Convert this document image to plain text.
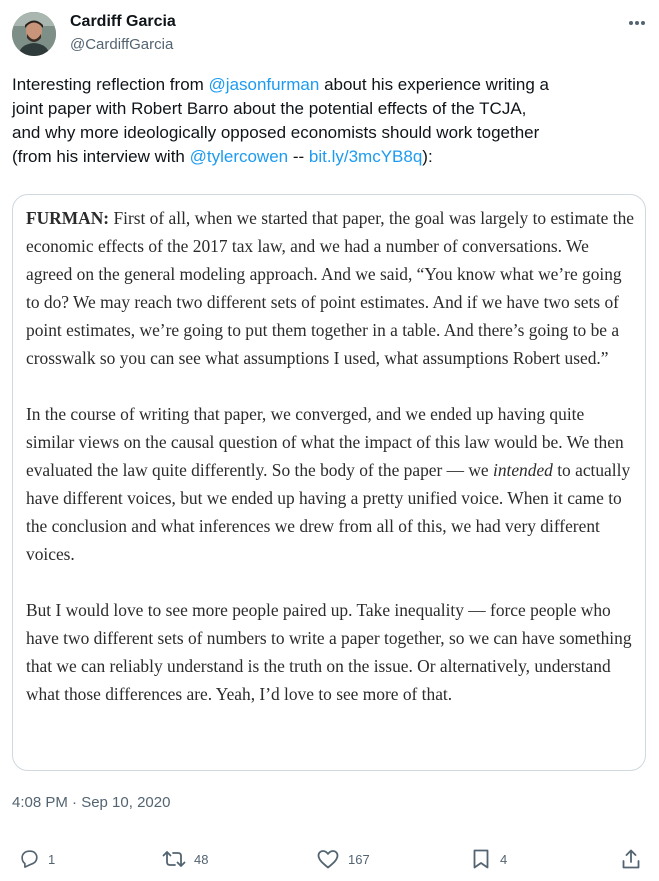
Cardiff Garcia
@CardiffGarcia
Interesting reflection from @jasonfurman about his experience writing a
joint paper with Robert Barro about the potential effects of the TCJA,
and why more ideologically opposed economists should work together
(from his interview with @tylercowen -- bit.ly/3mcYB8q):

FURMAN: First of all, when we started that paper, the goal was largely to estimate the economic effects of the 2017 tax law, and we had a number of conversations. We agreed on the general modeling approach. And we said, “You know what we’re going to do? We may reach two different sets of point estimates. And if we have two sets of point estimates, we’re going to put them together in a table. And there’s going to be a crosswalk so you can see what assumptions I used, what assumptions Robert used.”

In the course of writing that paper, we converged, and we ended up having quite similar views on the causal question of what the impact of this law would be. We then evaluated the law quite differently. So the body of the paper — we intended to actually have different voices, but we ended up having a pretty unified voice. When it came to the conclusion and what inferences we drew from all of this, we had very different voices.

But I would love to see more people paired up. Take inequality — force people who have two different sets of numbers to write a paper together, so we can have something that we can reliably understand is the truth on the issue. Or alternatively, understand what those differences are. Yeah, I’d love to see more of that.

4:08 PM · Sep 10, 2020
1	48	167	4
